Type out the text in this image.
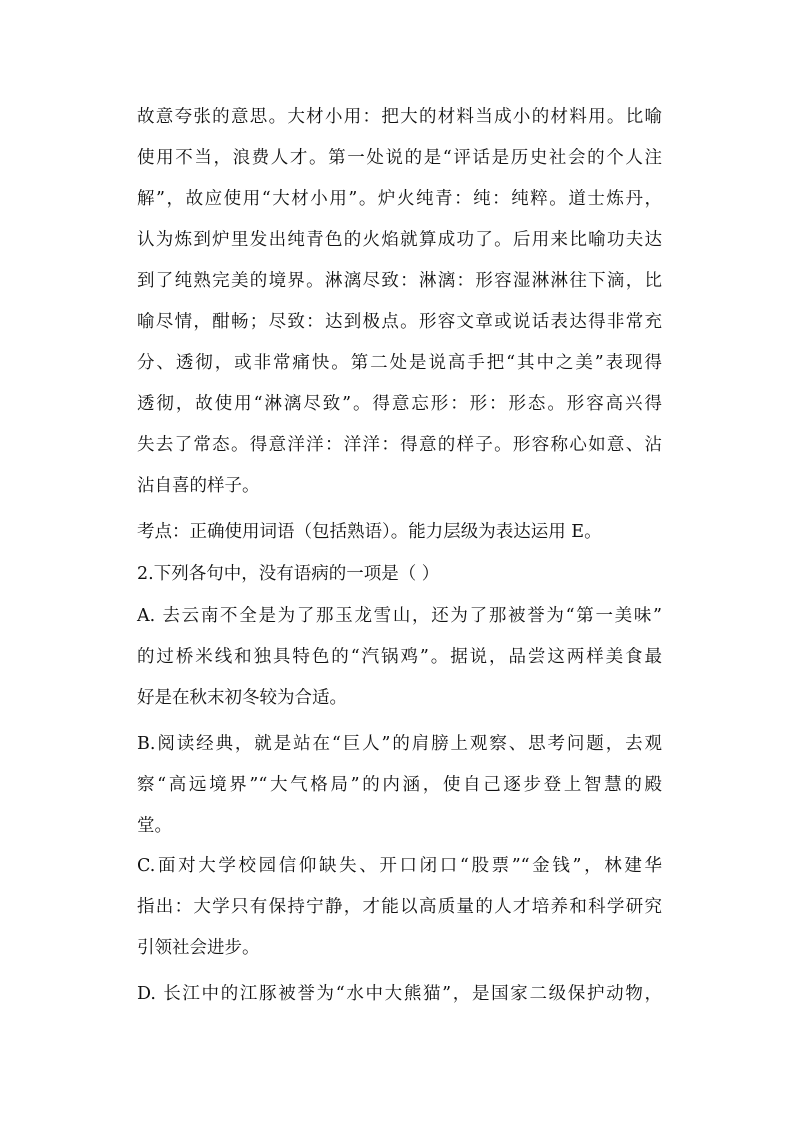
故意夸张的意思。大材小用：把大的材料当成小的材料用。比喻
使用不当，浪费人才。第一处说的是“评话是历史社会的个人注
解”，故应使用“大材小用”。炉火纯青：纯：纯粹。道士炼丹，
认为炼到炉里发出纯青色的火焰就算成功了。后用来比喻功夫达
到了纯熟完美的境界。淋漓尽致：淋漓：形容湿淋淋往下滴，比
喻尽情，酣畅；尽致：达到极点。形容文章或说话表达得非常充
分、透彻，或非常痛快。第二处是说高手把“其中之美”表现得
透彻，故使用“淋漓尽致”。得意忘形：形：形态。形容高兴得
失去了常态。得意洋洋：洋洋：得意的样子。形容称心如意、沾
沾自喜的样子。
考点：正确使用词语（包括熟语）。能力层级为表达运用 E。
2.下列各句中，没有语病的一项是（ ）
A. 去云南不全是为了那玉龙雪山，还为了那被誉为“第一美味”
的过桥米线和独具特色的“汽锅鸡”。据说，品尝这两样美食最
好是在秋末初冬较为合适。
B.阅读经典，就是站在“巨人”的肩膀上观察、思考问题，去观
察“高远境界”“大气格局”的内涵，使自己逐步登上智慧的殿
堂。
C.面对大学校园信仰缺失、开口闭口“股票”“金钱”，林建华
指出：大学只有保持宁静，才能以高质量的人才培养和科学研究
引领社会进步。
D. 长江中的江豚被誉为“水中大熊猫”，是国家二级保护动物，
